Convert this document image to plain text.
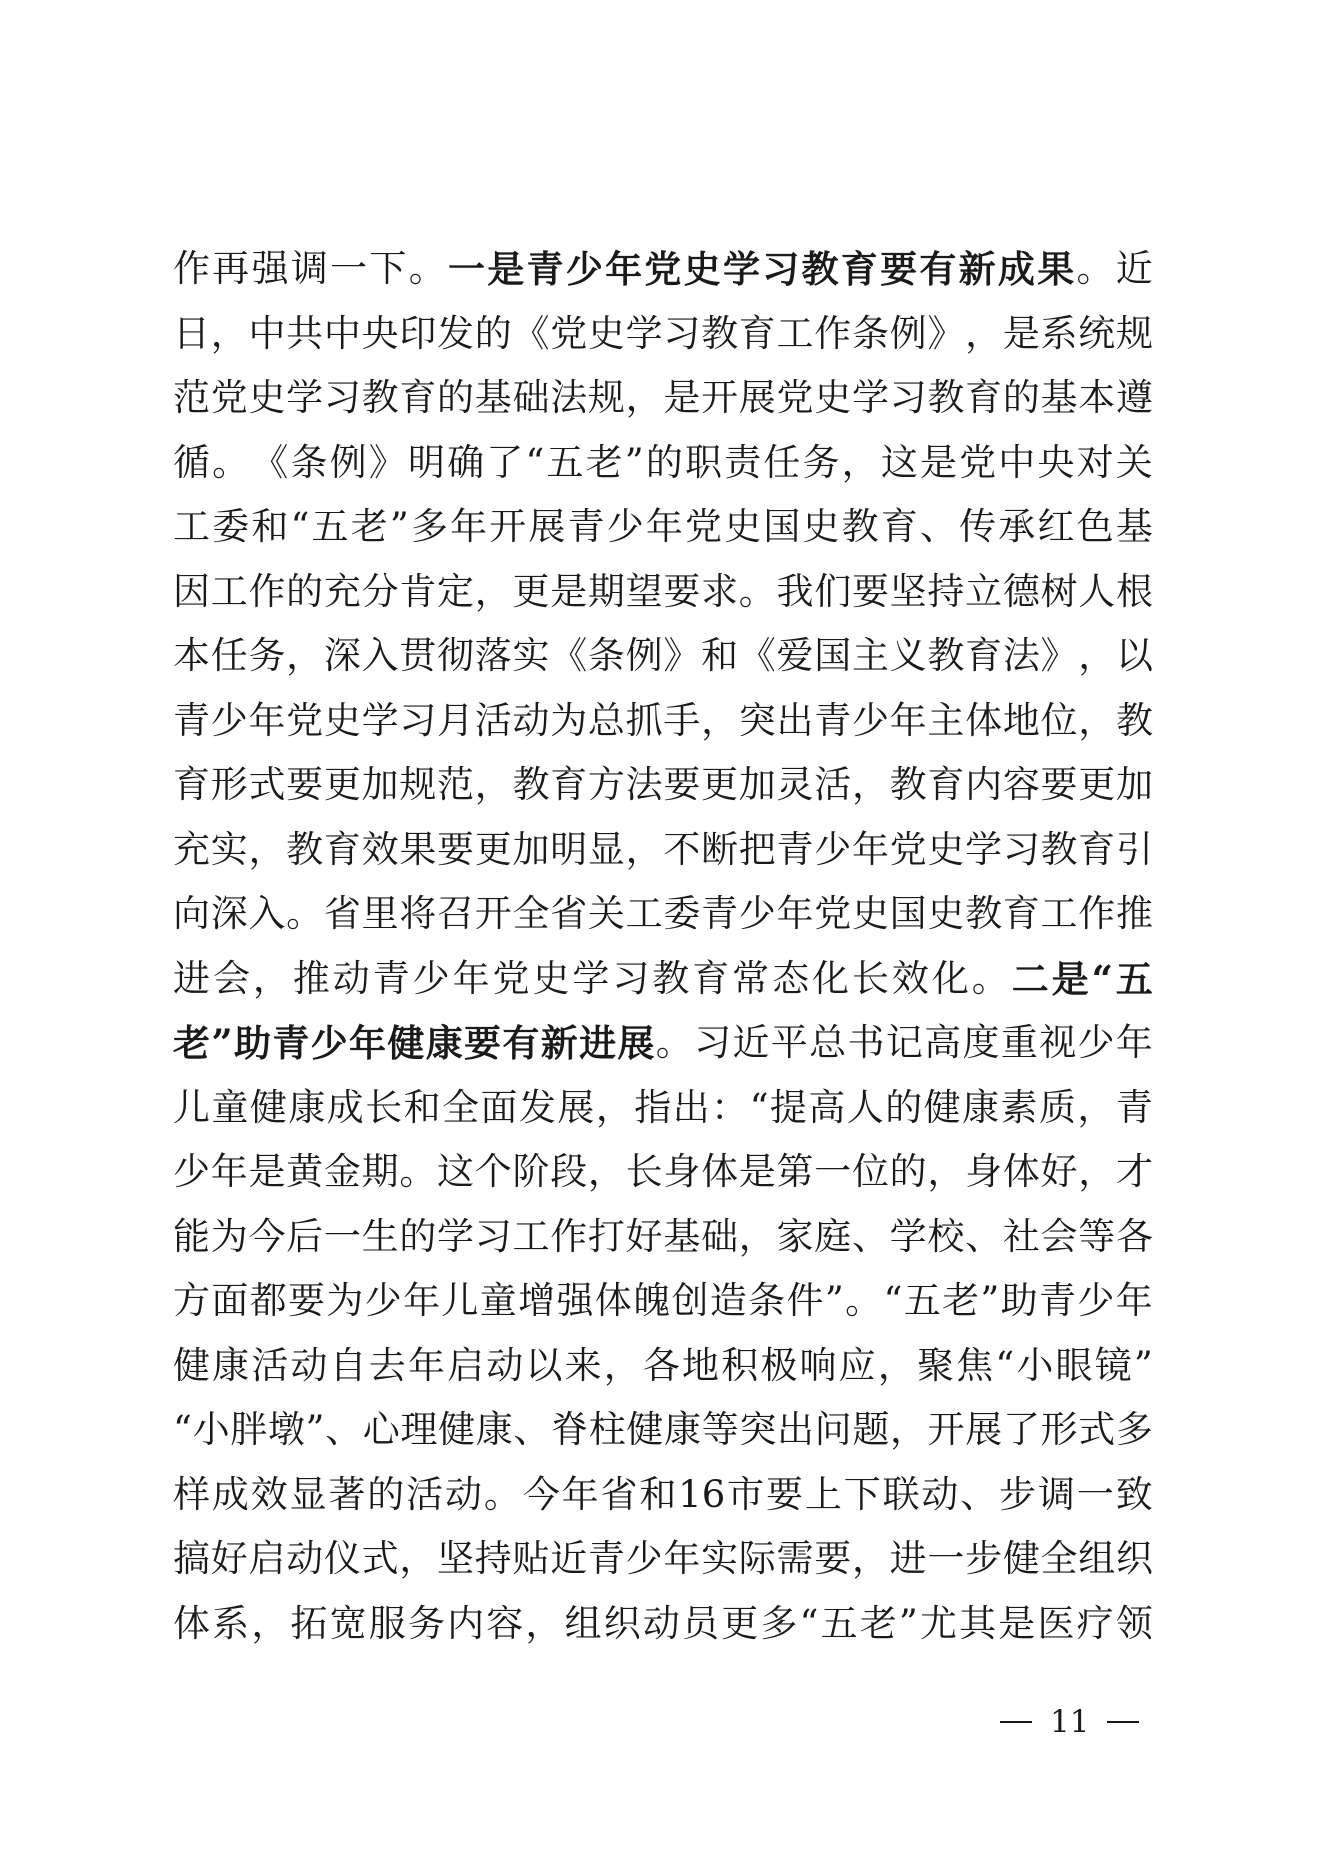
作 再 强 调 一 下 。 一 是 青 少 年 党 史 学 习 教 育 要 有 新 成 果 。 近
日 ， 中 共 中 央 印 发 的 《 党 史 学 习 教 育 工 作 条 例 》 ， 是 系 统 规
范 党 史 学 习 教 育 的 基 础 法 规 ， 是 开 展 党 史 学 习 教 育 的 基 本 遵
循 。 《 条 例 》 明 确 了 “ 五 老 ” 的 职 责 任 务 ， 这 是 党 中 央 对 关
工 委 和 “ 五 老 ” 多 年 开 展 青 少 年 党 史 国 史 教 育 、 传 承 红 色 基
因 工 作 的 充 分 肯 定 ， 更 是 期 望 要 求 。 我 们 要 坚 持 立 德 树 人 根
本 任 务 ， 深 入 贯 彻 落 实 《 条 例 》 和 《 爱 国 主 义 教 育 法 》 ， 以
青 少 年 党 史 学 习 月 活 动 为 总 抓 手 ， 突 出 青 少 年 主 体 地 位 ， 教
育 形 式 要 更 加 规 范 ， 教 育 方 法 要 更 加 灵 活 ， 教 育 内 容 要 更 加
充 实 ， 教 育 效 果 要 更 加 明 显 ， 不 断 把 青 少 年 党 史 学 习 教 育 引
向 深 入 。 省 里 将 召 开 全 省 关 工 委 青 少 年 党 史 国 史 教 育 工 作 推
进 会 ， 推 动 青 少 年 党 史 学 习 教 育 常 态 化 长 效 化 。 二 是 “ 五
老 ” 助 青 少 年 健 康 要 有 新 进 展 。 习 近 平 总 书 记 高 度 重 视 少 年
儿 童 健 康 成 长 和 全 面 发 展 ， 指 出 ： “ 提 高 人 的 健 康 素 质 ， 青
少 年 是 黄 金 期 。 这 个 阶 段 ， 长 身 体 是 第 一 位 的 ， 身 体 好 ， 才
能 为 今 后 一 生 的 学 习 工 作 打 好 基 础 ， 家 庭 、 学 校 、 社 会 等 各
方 面 都 要 为 少 年 儿 童 增 强 体 魄 创 造 条 件 ” 。 “ 五 老 ” 助 青 少 年
健 康 活 动 自 去 年 启 动 以 来 ， 各 地 积 极 响 应 ， 聚 焦 “ 小 眼 镜 ”
“ 小 胖 墩 ” 、 心 理 健 康 、 脊 柱 健 康 等 突 出 问 题 ， 开 展 了 形 式 多
样 成 效 显 著 的 活 动 。 今 年 省 和 16 市 要 上 下 联 动 、 步 调 一 致
搞 好 启 动 仪 式 ， 坚 持 贴 近 青 少 年 实 际 需 要 ， 进 一 步 健 全 组 织
体 系 ， 拓 宽 服 务 内 容 ， 组 织 动 员 更 多 “ 五 老 ” 尤 其 是 医 疗 领
11
